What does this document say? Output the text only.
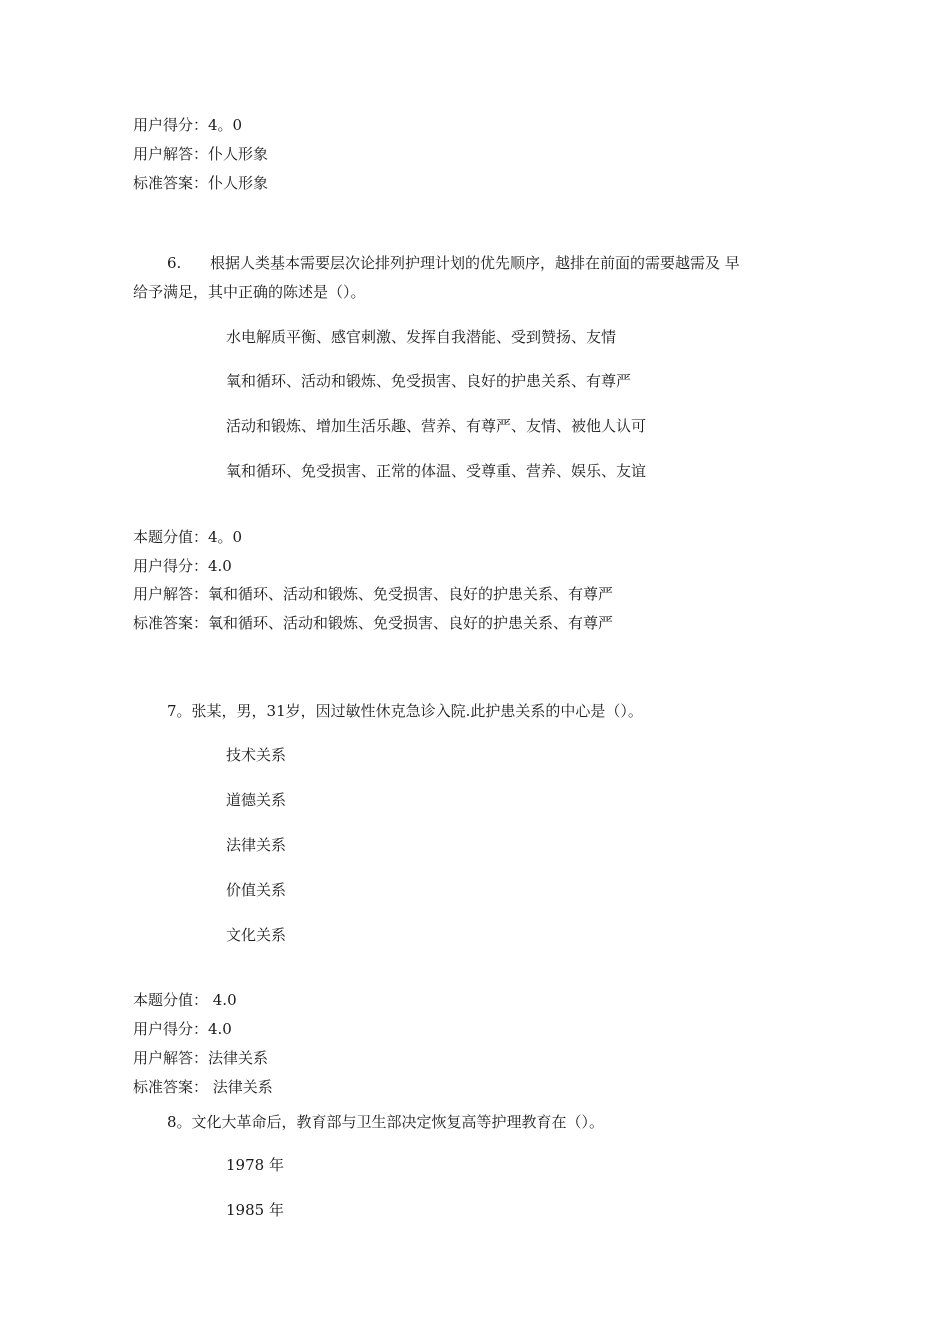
用户得分：4。0
用户解答：仆人形象
标准答案：仆人形象
6. 根据人类基本需要层次论排列护理计划的优先顺序，越排在前面的需要越需及 早
给予满足，其中正确的陈述是（）。
水电解质平衡、感官刺激、发挥自我潜能、受到赞扬、友情
氧和循环、活动和锻炼、免受损害、良好的护患关系、有尊严
活动和锻炼、增加生活乐趣、营养、有尊严、友情、被他人认可
氧和循环、免受损害、正常的体温、受尊重、营养、娱乐、友谊
本题分值：4。0
用户得分：4.0
用户解答：氧和循环、活动和锻炼、免受损害、良好的护患关系、有尊严
标准答案：氧和循环、活动和锻炼、免受损害、良好的护患关系、有尊严
7。张某，男，31岁，因过敏性休克急诊入院.此护患关系的中心是（）。
技术关系
道德关系
法律关系
价值关系
文化关系
本题分值： 4.0
用户得分：4.0
用户解答：法律关系
标准答案： 法律关系
8。文化大革命后，教育部与卫生部决定恢复高等护理教育在（）。
1978 年
1985 年
